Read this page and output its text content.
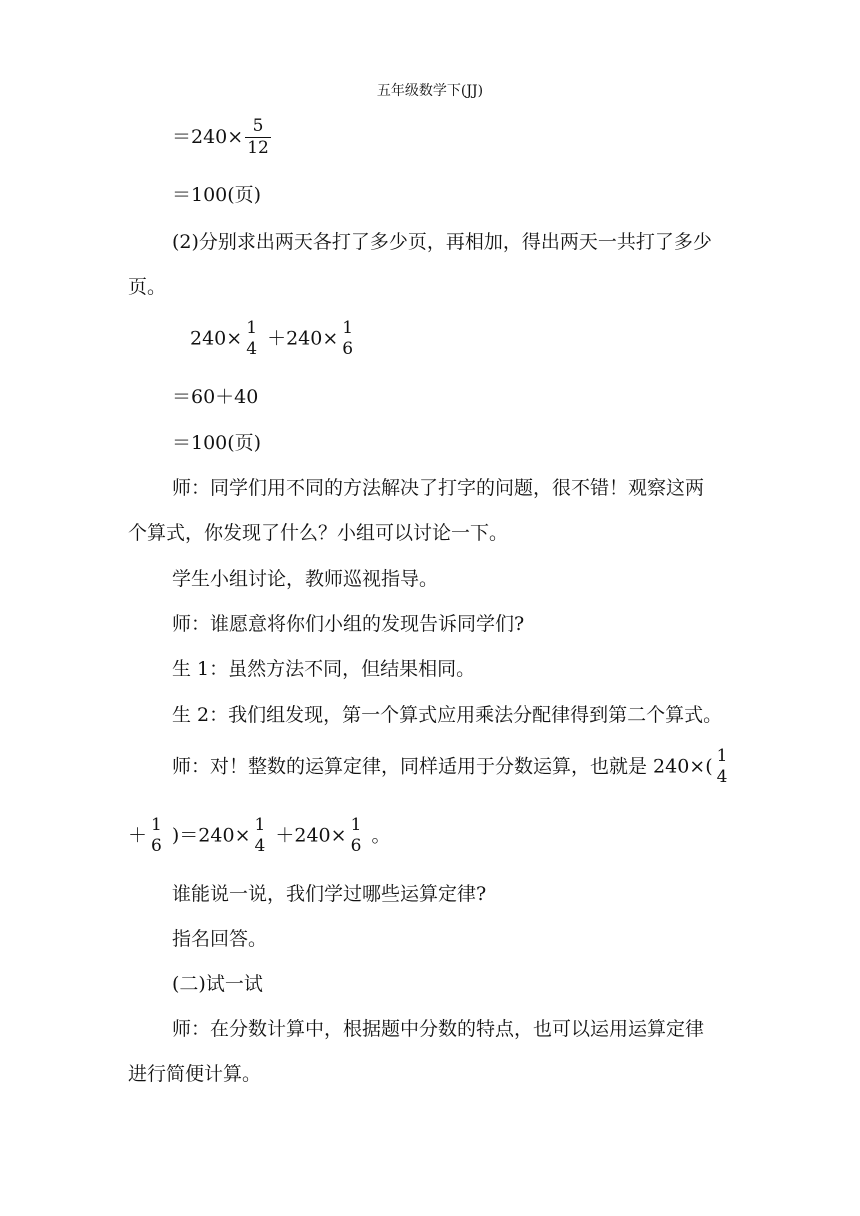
五年级数学下(JJ)
$=240\times \frac{5}{12}$
＝100(页)
(2)分别求出两天各打了多少页，再相加，得出两天一共打了多少
页。
240× 1
4 ＋240× 1
6
＝60＋40
＝100(页)
师：同学们用不同的方法解决了打字的问题，很不错！观察这两
个算式，你发现了什么？小组可以讨论一下。
学生小组讨论，教师巡视指导。
师：谁愿意将你们小组的发现告诉同学们?
生 1：虽然方法不同，但结果相同。
生 2：我们组发现，第一个算式应用乘法分配律得到第二个算式。
师：对！整数的运算定律，同样适用于分数运算，也就是 240×( 1
4
＋ 1
6 )＝240× 1
4 ＋240× 1
6 。
谁能说一说，我们学过哪些运算定律?
指名回答。
(二)试一试
师：在分数计算中，根据题中分数的特点，也可以运用运算定律
进行简便计算。
